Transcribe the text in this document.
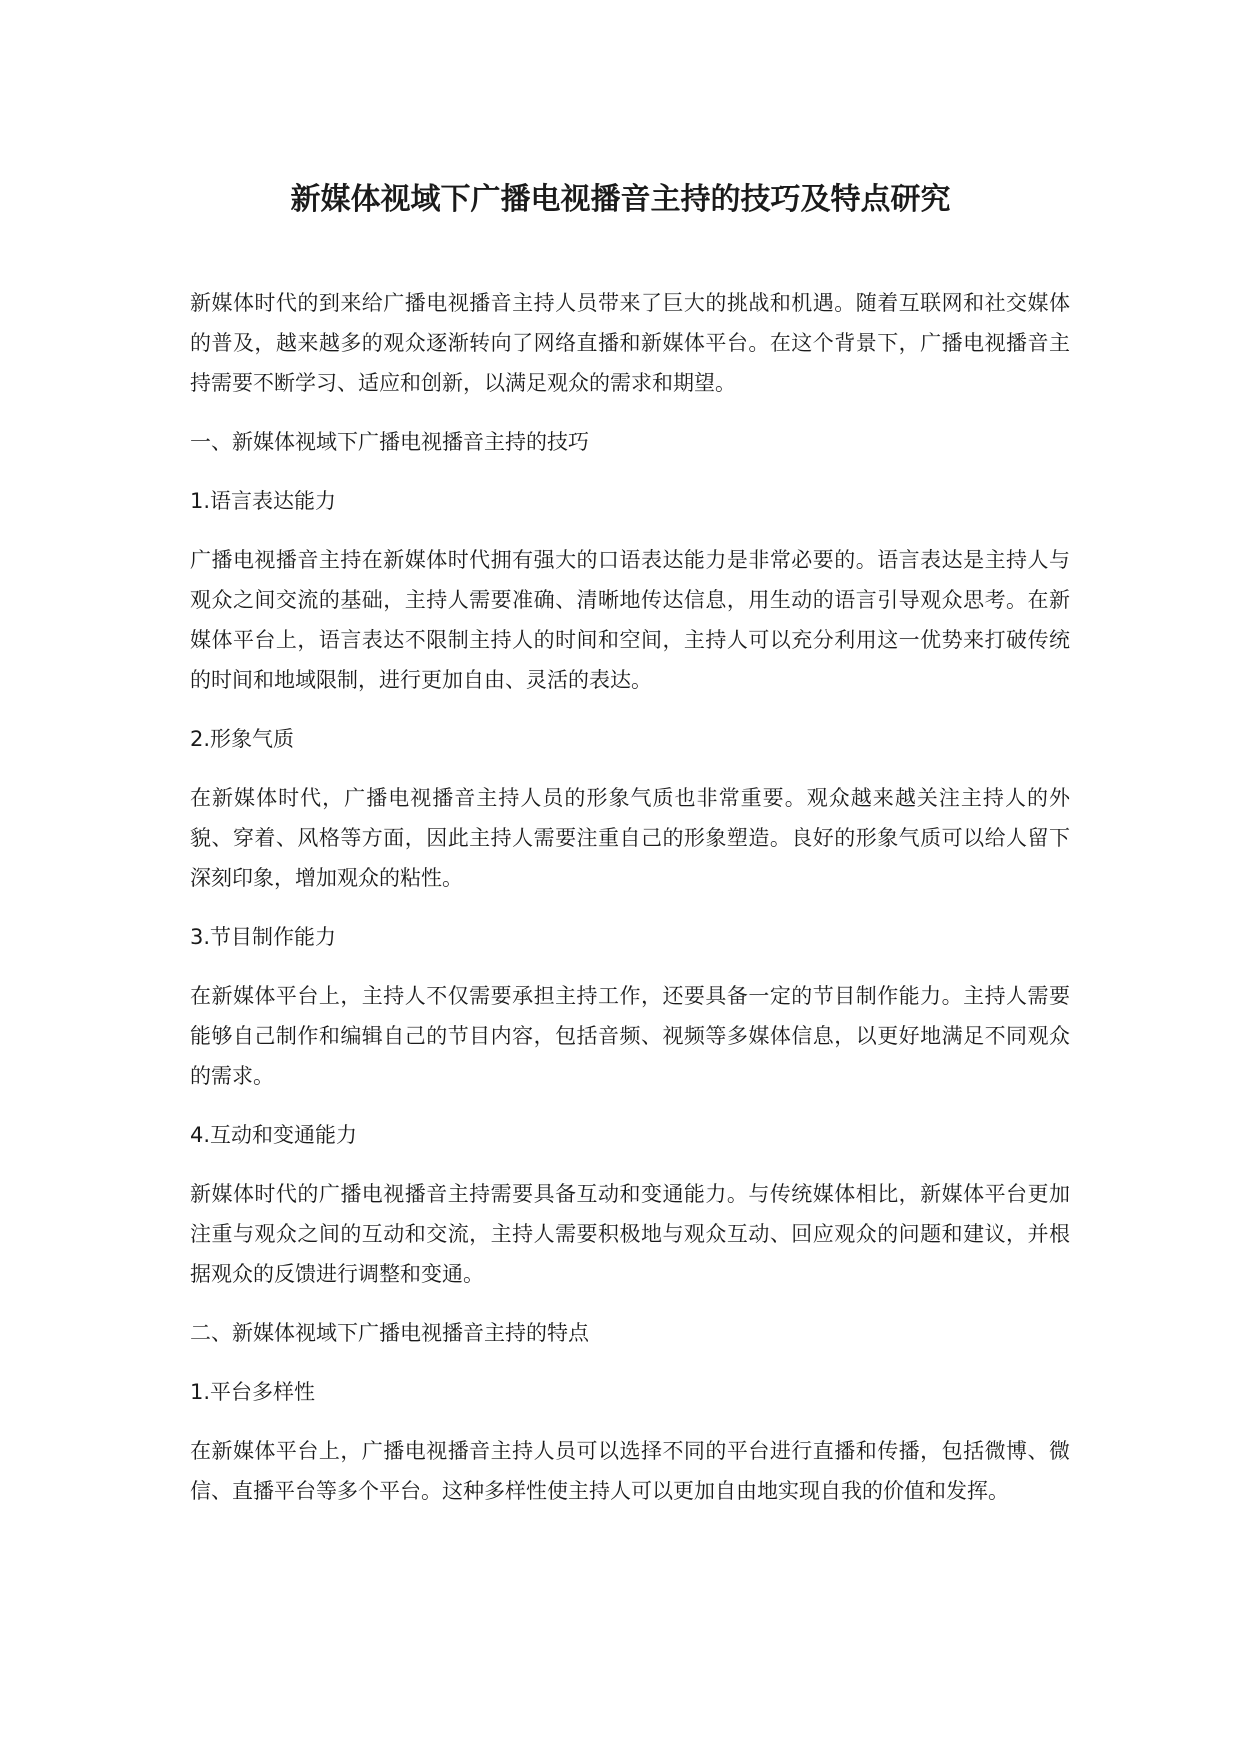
新媒体视域下广播电视播音主持的技巧及特点研究

新媒体时代的到来给广播电视播音主持人员带来了巨大的挑战和机遇。随着互联网和社交媒体的普及，越来越多的观众逐渐转向了网络直播和新媒体平台。在这个背景下，广播电视播音主持需要不断学习、适应和创新，以满足观众的需求和期望。

一、新媒体视域下广播电视播音主持的技巧

1.语言表达能力

广播电视播音主持在新媒体时代拥有强大的口语表达能力是非常必要的。语言表达是主持人与观众之间交流的基础，主持人需要准确、清晰地传达信息，用生动的语言引导观众思考。在新媒体平台上，语言表达不限制主持人的时间和空间，主持人可以充分利用这一优势来打破传统的时间和地域限制，进行更加自由、灵活的表达。

2.形象气质

在新媒体时代，广播电视播音主持人员的形象气质也非常重要。观众越来越关注主持人的外貌、穿着、风格等方面，因此主持人需要注重自己的形象塑造。良好的形象气质可以给人留下深刻印象，增加观众的粘性。

3.节目制作能力

在新媒体平台上，主持人不仅需要承担主持工作，还要具备一定的节目制作能力。主持人需要能够自己制作和编辑自己的节目内容，包括音频、视频等多媒体信息，以更好地满足不同观众的需求。

4.互动和变通能力

新媒体时代的广播电视播音主持需要具备互动和变通能力。与传统媒体相比，新媒体平台更加注重与观众之间的互动和交流，主持人需要积极地与观众互动、回应观众的问题和建议，并根据观众的反馈进行调整和变通。

二、新媒体视域下广播电视播音主持的特点

1.平台多样性

在新媒体平台上，广播电视播音主持人员可以选择不同的平台进行直播和传播，包括微博、微信、直播平台等多个平台。这种多样性使主持人可以更加自由地实现自我的价值和发挥。
